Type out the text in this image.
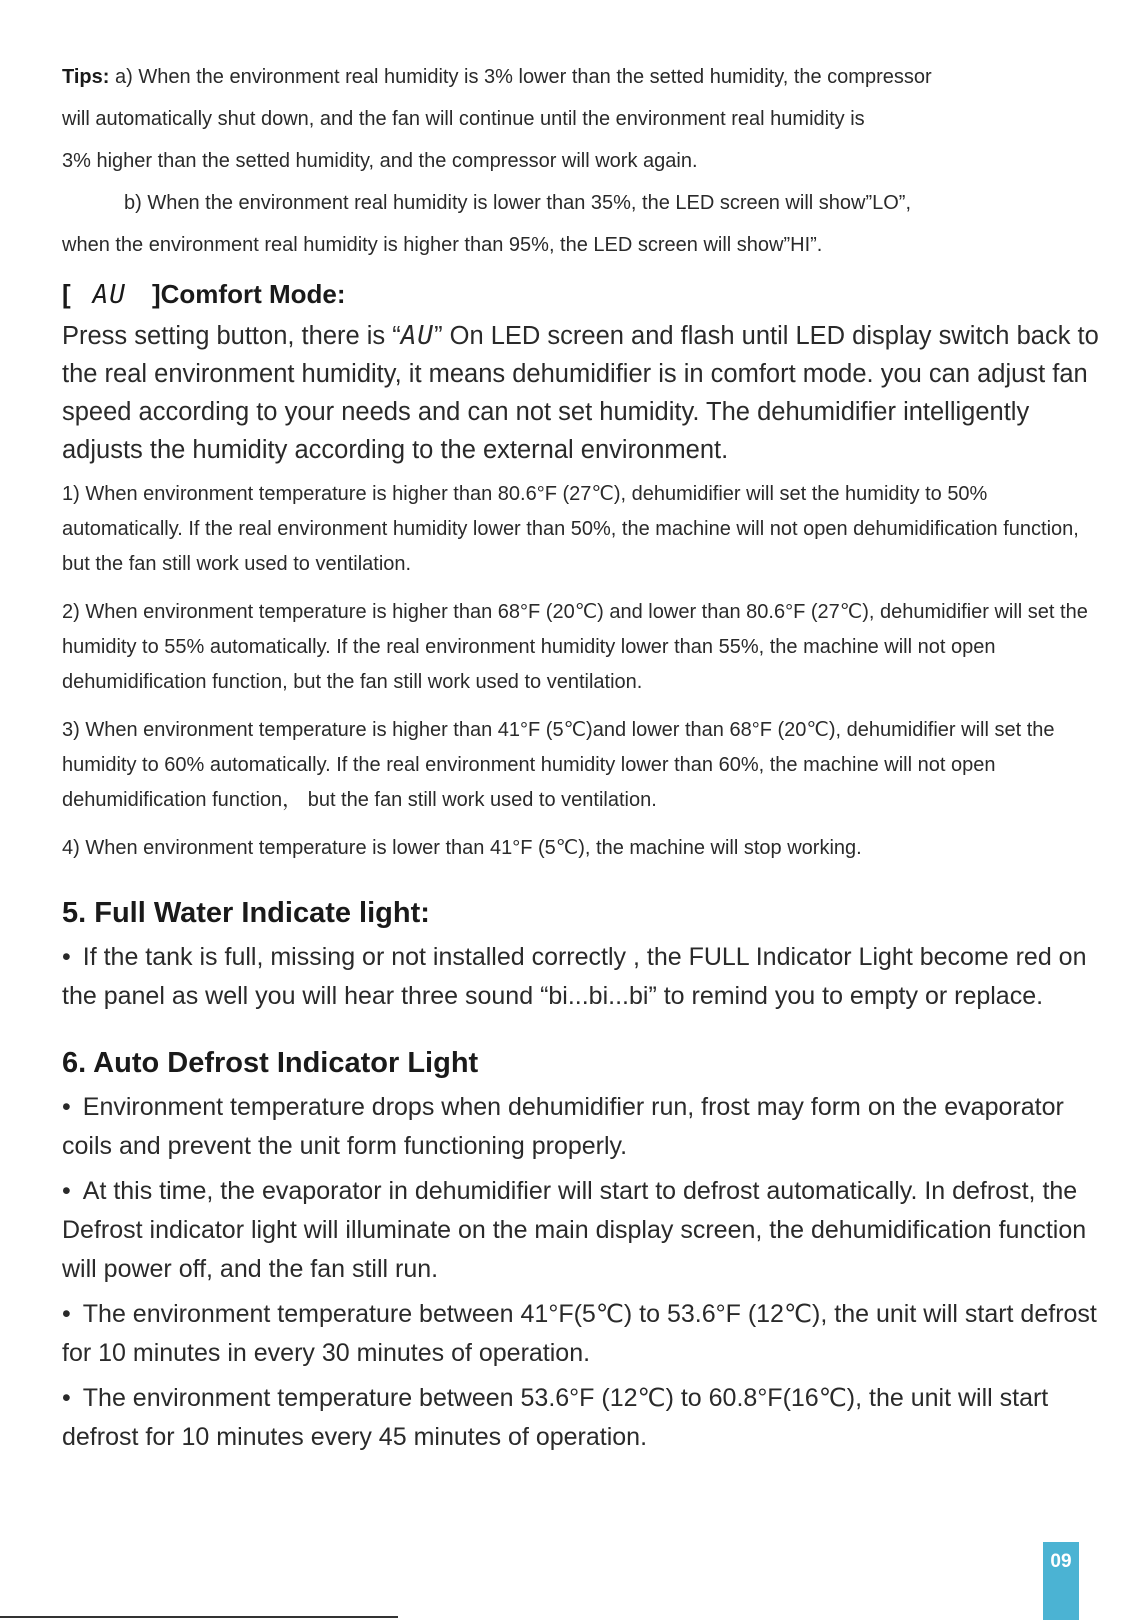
Tips: a) When the environment real humidity is 3% lower than the setted humidity, the compressor

will automatically shut down, and the fan will continue until the environment real humidity is

3% higher than the setted humidity, and the compressor will work again.

b) When the environment real humidity is lower than 35%, the LED screen will show”LO”,

when the environment real humidity is higher than 95%, the LED screen will show”HI”.

[ AU ]Comfort Mode:

Press setting button, there is “AU” On LED screen and flash until LED display switch back to the real environment humidity, it means dehumidifier is in comfort mode. you can adjust fan speed according to your needs and can not set humidity. The dehumidifier intelligently adjusts the humidity according to the external environment.

1) When environment temperature is higher than 80.6°F (27℃), dehumidifier will set the humidity to 50% automatically. If the real environment humidity lower than 50%, the machine will not open dehumidification function, but the fan still work used to ventilation.

2) When environment temperature is higher than 68°F (20℃) and lower than 80.6°F (27℃), dehumidifier will set the humidity to 55% automatically. If the real environment humidity lower than 55%, the machine will not open dehumidification function, but the fan still work used to ventilation.

3) When environment temperature is higher than 41°F (5℃)and lower than 68°F (20℃), dehumidifier will set the humidity to 60% automatically. If the real environment humidity lower than 60%, the machine will not open dehumidification function， but the fan still work used to ventilation.

4) When environment temperature is lower than 41°F (5℃), the machine will stop working.

5. Full Water Indicate light:

• If the tank is full, missing or not installed correctly , the FULL Indicator Light become red on the panel as well you will hear three sound “bi...bi...bi” to remind you to empty or replace.

6. Auto Defrost Indicator Light

• Environment temperature drops when dehumidifier run, frost may form on the evaporator coils and prevent the unit form functioning properly.

• At this time, the evaporator in dehumidifier will start to defrost automatically. In defrost, the Defrost indicator light will illuminate on the main display screen, the dehumidification function will power off, and the fan still run.

• The environment temperature between 41°F(5℃) to 53.6°F (12℃), the unit will start defrost for 10 minutes in every 30 minutes of operation.

• The environment temperature between 53.6°F (12℃) to 60.8°F(16℃), the unit will start defrost for 10 minutes every 45 minutes of operation.

09
